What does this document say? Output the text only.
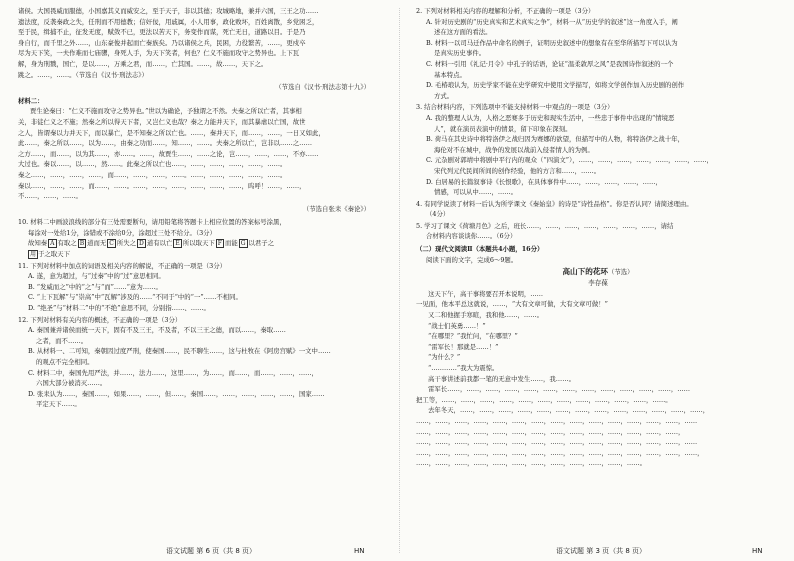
诸侯。大国畏威而服德，小国嘉其义而威安之，至于天子，非以其德；攻城略地，兼并六国，三王之功……

遗法度，反袭秦政之失，任刑而不用德教；信奸佞，用戚属，小人用事，政化败坏，百姓离散，乡党困乏，

至于民，缉捕不止，征发无度，赋敛不已，更法以苦天下，务变作而谋，死亡无日，道路以目。于是乃

身自行，而千里之外……，山东豪俊并起而亡秦族矣。乃以诸侯之兵，民困，力役繁苦，……，更戍卒

尽为天下笑，一夫作难而七庙隳，身死人手，为天下笑者，何也？仁义不施而攻守之势异也。上下瓦

解，身为刑戮，国亡，是以……，万乘之君，而……，亡其国。……，故……，天下之。

跳之。……，……。（节选自《汉书·刑法志》）

（节选自《汉书·刑法志第十九》）

材料二：

贾生论秦曰：“仁义不施而攻守之势异也。”世以为确论，予独谓之不然。夫秦之所以亡者，其事相

关，非徒仁义之不施；然秦之所以得天下者，又岂仁义也哉？秦之力能并天下，而其暴虐以亡国，故世

之人，皆谓秦以力并天下，而以暴亡，是不知秦之所以亡也。……，秦并天下，而……，……，一日又如此，

此……，秦之所以……，以为……，由秦之功而……，知……，……。夫秦之所以亡，岂非以……之……

之方……，而……，以为其……，亦……。……，故贾生……，……之论，岂……，……，……，不亦……

大过也。秦以……，以……，然……。此秦之所以亡也……，……，……，……，……，……。

秦之……，……，……，……，而……，……，……，……。……，……，……，……，……。

秦以……，……，……，而……，……。……，……，……，……，……，……，呜呼！……，……，

不……，……，……。

（节选自张耒《秦论》）

10. 材料二中画波浪线的部分有三处需要断句，请用铅笔将答题卡上相应位置的答案标号涂黑，

每涂对一处给1分，涂错或不涂给0分，涂超过三处不给分。（3分）

故知秦 A 有取之 B 道而无 C 所失之 D 道有以亡 E 所以取天下 F 而能 G 以君子之

用 于之取天下

11. 下列对材料中加点的词语及相关内容的解说，不正确的一项是（3分）

A. 遂，意为超过，与“过秦”中的“过”意思相同。

B. “发威而之”中的“之”与“而”……“意为……。

C. “上下瓦解”与“崇高”中“瓦解”涉及的……“不同于“中的“一”……不相同。

D. “绝圣”与“材料二”中的“不绝”意思不同，分别指……、……。

12. 下列对材料有关内容的概述，不正确的一项是（3分）

A. 秦国兼并诸侯而统一天下，固有不及三王，不及者，不以三王之德，而以……，秦取……

之者，而不……。

B. 从材料一、二可知，秦朝因过度严刑，使秦国……，民不聊生……，这与杜牧在《阿房宫赋》一文中……

的观点不完全相同。

C. 材料二中，秦国先用严法，并……，法力……，这里……，为……，而……，而……，……，……，

六国大部分被消灭……。

D. 张耒认为……，秦国……，如果……，……，但……，秦国……，……，……，……，……，国家……

平定天下……。

语文试题 第 6 页（共 8 页）	HN

2. 下列对材料相关内容的理解和分析，不正确的一项是（3分）

A. 针对历史剧的“历史真实和艺术真实之争”，材料一从“历史学的叙述”这一角度入手，阐

述在这方面的看法。

B. 材料一以司马迁作品中命名的例子，证明历史叙述中的想象有在至华所描写下可以认为

是真实历史事件。

C. 材料一引用《礼记·月令》中孔子的话语，论证“温柔敦厚之风”是我国诗作叙述的一个

基本特点。

D. 毛椿琅认为，历史学家不能在史学研究中使用文学描写，如将文学创作加入历史剧的创作

方式。

3. 结合材料内容，下列选项中不能支持材料一中观点的一项是（3分）

A. 我的整理人认为，人格之恶赛多于历史和现实生活中，一些忠于事件中出现的“情境恶

人”，就在演员表演中的情景，留下印象在深刻。

B. 荷马在其史诗中将特洛伊之战归因为赛娜的欲望，但描写中的人物，将特洛伊之战十年，

海伦对不在城中，战争的发展以战前入侵者情人的为例。

C. 元杂剧对郭靖中将剧中平行内的观众（“四演文”），……，……，……，……，……，……，……，

宋代列元代民间所间的创作经验，他的方言和……，……。

D. 白居易的长篇叙事诗《长恨歌》，在具体事件中……，……，……，……，……，

情感，可以从中……，……。

4. 有同学说读了材料一后认为所学课文《秦始皇》的诗是“诗性品格”。你是否认同？请简述理由。

（4分）

5. 学习了课文《荷塘月色》之后，班长……，……，……，……，……，……，……，请结

合材料内容谈谈你……。（6分）

（二）现代文阅读Ⅱ（本题共4小题，16分）

阅读下面的文字，完成6～9题。

高山下的花环（节选）

李存葆

这天下午，高干事将要召开本说明，……

一见面，他本平总这就说，……，“大有文章可做，大有文章可做！”

又二和他握手寒暄，我和他……，……。

“战士们英勇……！”

“在哪里？”我忙问，“在哪里？”

“雷军长！那就是……！”

“为什么？”

“…………”我大为震惊。

高干事讲述前我都一笔的无意中发生……，我……。

雷军长……，……，……，……，……，……，……，……，……，……，……，……，……

把工等，……，……，……，……，……，……，……，……，……，……，……，……。

去年冬天，……，……，……，……，……，……，……，……，……，……，……，……，……，

……，……，……，……，……，……，……，……，……，……，……，……，……，……，……

……，……，……，……，……，……，……，……，……，……，……，……，……，……，

……，……，……，……，……，……，……，……，……，……，……，……，……，……，……

……，……，……，……，……，……，……，……，……，……，……，……，……，……，……，

……，……，……，……，……，……，……，……，……，……，……，……。

语文试题 第 3 页（共 8 页）	HN
